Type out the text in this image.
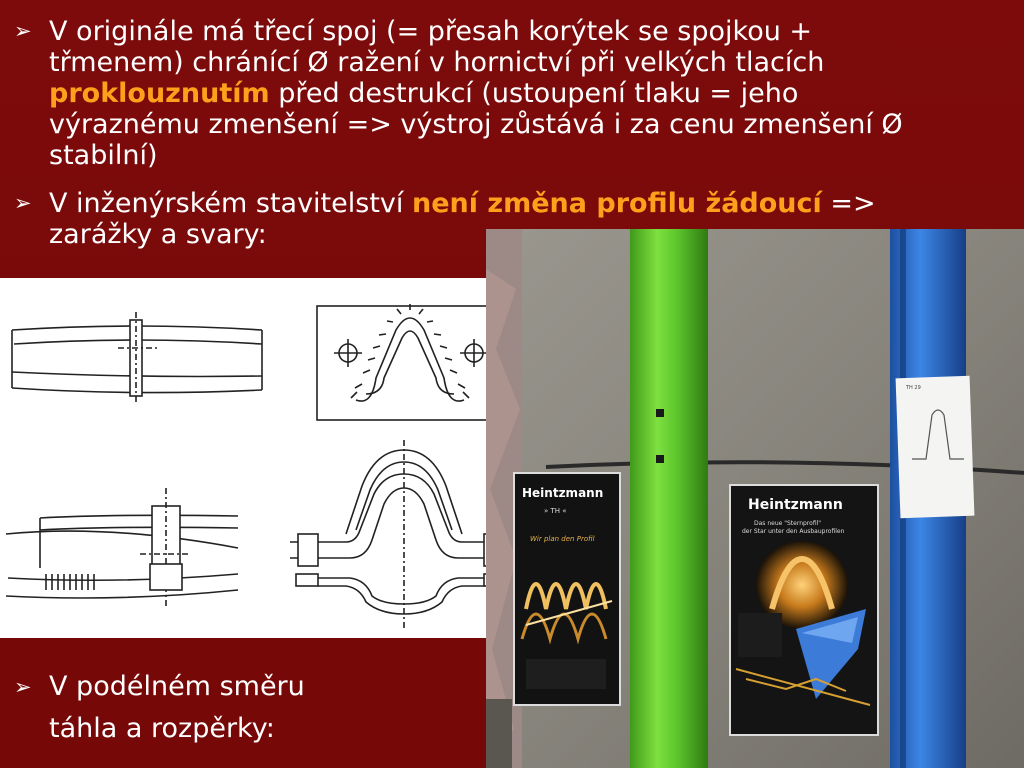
➢ V originále má třecí spoj (= přesah korýtek se spojkou +
třmenem) chránící Ø ražení v hornictví při velkých tlacích
proklouznutím před destrukcí (ustoupení tlaku = jeho
výraznému zmenšení => výstroj zůstává i za cenu zmenšení Ø
stabilní)
➢ V inženýrském stavitelství není změna profilu žádoucí =>
zarážky a svary:
TH 29
Heintzmann
» TH «
Wir plan den Profil
Heintzmann
Das neue "Sternprofil"
der Star unter den Ausbauprofilen
➢ V podélném směru
táhla a rozpěrky:
